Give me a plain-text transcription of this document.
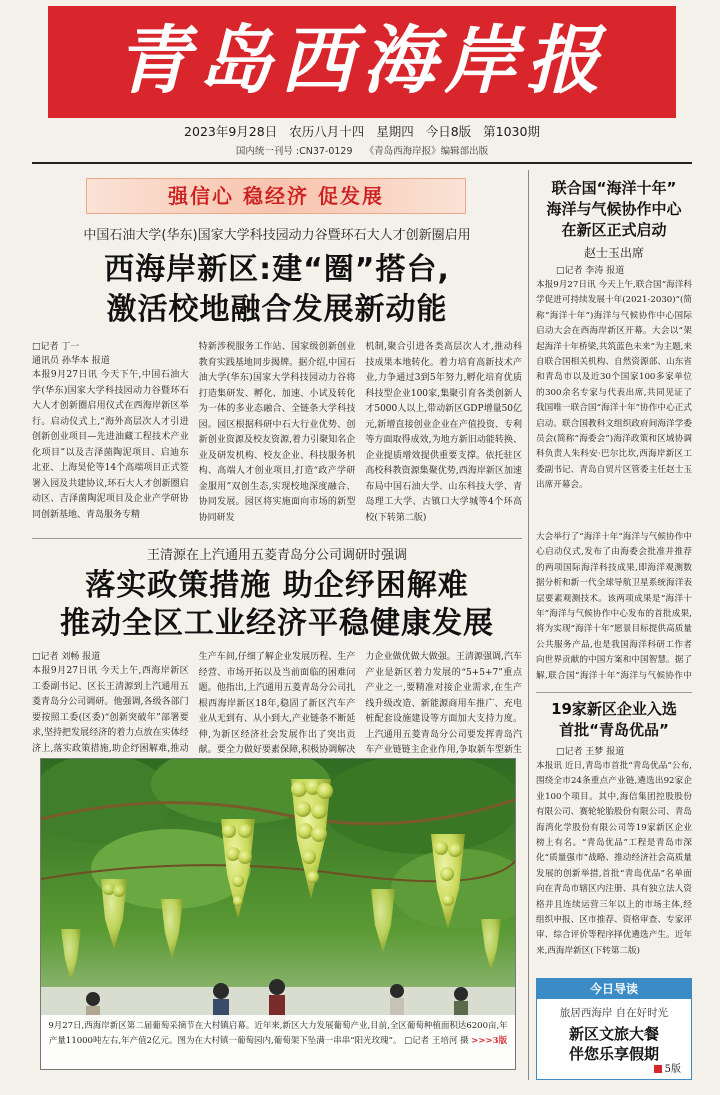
青岛西海岸报
2023年9月28日 农历八月十四 星期四 今日8版 第1030期
国内统一刊号 :CN37-0129 《青岛西海岸报》编辑部出版
强信心 稳经济 促发展
中国石油大学(华东)国家大学科技园动力谷暨环石大人才创新圈启用
西海岸新区:建“圈”搭台,
激活校地融合发展新动能
□记者 丁一
通讯员 孙华本 报道
本报9月27日讯 今天下午,中国石油大学(华东)国家大学科技园动力谷暨环石大人才创新圈启用仪式在西海岸新区举行。启动仪式上,“海外高层次人才引进创新创业项目—先进油藏工程技术产业化项目”以及吉泽菌陶泥项目、启迪东北亚、上海昊伦等14个高端项目正式签署入园及共建协议,环石大人才创新圈启动区、吉泽菌陶泥项目及企业产学研协同创新基地、青岛服务专精
特新涉税服务工作站、国家级创新创业教育实践基地同步揭牌。据介绍,中国石油大学(华东)国家大学科技园动力谷将打造集研发、孵化、加速、小试及转化为一体的多业态融合、全链条大学科技园。园区根据科研中石大行业优势、创新创业资源及校友资源,着力引聚知名企业及研发机构、校友企业、科技服务机构、高端人才创业项目,打造“政产学研金服用”双创生态,实现校地深度融合、协同发展。园区将实施面向市场的新型协同研发
机制,聚合引进各类高层次人才,推动科技成果本地转化。着力培育高新技术产业,力争通过3到5年努力,孵化培育优质科技型企业100家,集聚引育各类创新人才5000人以上,带动新区GDP增量50亿元,新增直接创业企业在产值投资、专利等方面取得成效,为地方新旧动能转换、企业提质增效提供重要支撑。依托驻区高校科教资源集聚优势,西海岸新区加速布局中国石油大学、山东科技大学、青岛理工大学、古镇口大学城等4个环高校(下转第二版)
王清源在上汽通用五菱青岛分公司调研时强调
落实政策措施 助企纾困解难
推动全区工业经济平稳健康发展
□记者 刘畅 报道
本报9月27日讯 今天上午,西海岸新区工委副书记、区长王清源到上汽通用五菱青岛分公司调研。他强调,各级各部门要按照工委(区委)“创新突破年”部署要求,坚持把发展经济的着力点放在实体经济上,落实政策措施,助企纾困解难,推动
生产车间,仔细了解企业发展历程、生产经营、市场开拓以及当前面临的困难问题。他指出,上汽通用五菱青岛分公司扎根西海岸新区18年,稳固了新区汽车产业从无到有、从小到大,产业链条不断延伸,为新区经济社会发展作出了突出贡献。要全力做好要素保障,积极协调解决
力企业做优做大做强。王清源强调,汽车产业是新区着力发展的“5+5+7”重点产业之一,要精准对接企业需求,在生产线升级改造、新能源商用车推广、充电桩配套设施建设等方面加大支持力度。上汽通用五菱青岛分公司要发挥青岛汽车产业链链主企业作用,争取新车型新生
9月27日,西海岸新区第二届葡萄采摘节在大村镇启幕。近年来,新区大力发展葡萄产业,目前,全区葡萄种植面积达6200亩,年产量11000吨左右,年产值2亿元。图为在大村镇一葡萄园内,葡萄架下坠满一串串“阳光玫瑰”。 □记者 王培河 摄 >>>3版
联合国“海洋十年”
海洋与气候协作中心
在新区正式启动
赵士玉出席
□记者 李涛 报道
本报9月27日讯 今天上午,联合国“海洋科学促进可持续发展十年(2021-2030)”(简称“海洋十年”)海洋与气候协作中心国际启动大会在西海岸新区开幕。大会以“架起海洋十年桥梁,共筑蓝色未来”为主题,来自联合国相关机构、自然资源部、山东省和青岛市以及近30个国家100多家单位的300余名专家与代表出席,共同见证了我国唯一联合国“海洋十年”协作中心正式启动。联合国教科文组织政府间海洋学委员会(简称“海委会”)海洋政策和区域协调科负责人朱科安·巴尔比坎,西海岸新区工委副书记、青岛自贸片区管委主任赵士玉出席开幕会。
大会举行了“海洋十年”海洋与气候协作中心启动仪式,发布了由海委会批准并推荐的两项国际海洋科技成果,即海洋观测数据分析和新一代全球导航卫星系统海洋表层要素观测技术。该两项成果是“海洋十年”海洋与气候协作中心发布的首批成果,将为实现“海洋十年”愿景目标提供高质量公共服务产品,也是我国海洋科研工作者向世界贡献的中国方案和中国智慧。据了解,联合国“海洋十年”海洋与气候协作中
19家新区企业入选
首批“青岛优品”
□记者 王梦 报道
本报讯 近日,青岛市首批“青岛优品”公布,围绕全市24条重点产业链,遴选出92家企业100个项目。其中,海信集团控股股份有限公司、赛轮轮胎股份有限公司、青岛海湾化学股份有限公司等19家新区企业榜上有名。“青岛优品”工程是青岛市深化“质量强市”战略、推动经济社会高质量发展的创新举措,首批“青岛优品”名单面向在青岛市辖区内注册、具有独立法人资格并且连续运营三年以上的市场主体,经组织申报、区市推荐、资格审查、专家评审、综合评价等程序择优遴选产生。近年来,西海岸新区(下转第二版)
今日导读
旅居西海岸 自在好时光
新区文旅大餐
伴您乐享假期
5版
